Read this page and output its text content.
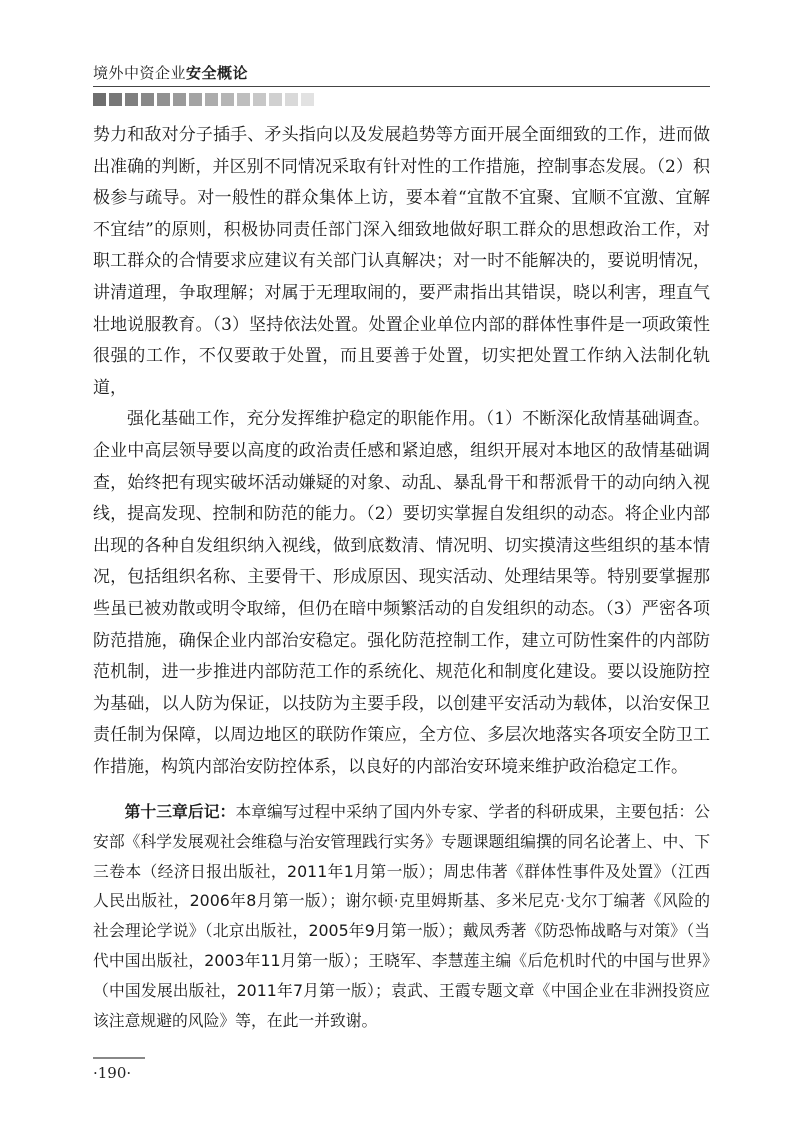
境外中资企业安全概论

势力和敌对分子插手、矛头指向以及发展趋势等方面开展全面细致的工作，进而做出准确的判断，并区别不同情况采取有针对性的工作措施，控制事态发展。（2）积极参与疏导。对一般性的群众集体上访，要本着“宜散不宜聚、宜顺不宜激、宜解不宜结”的原则，积极协同责任部门深入细致地做好职工群众的思想政治工作，对职工群众的合情要求应建议有关部门认真解决；对一时不能解决的，要说明情况，讲清道理，争取理解；对属于无理取闹的，要严肃指出其错误，晓以利害，理直气壮地说服教育。（3）坚持依法处置。处置企业单位内部的群体性事件是一项政策性很强的工作，不仅要敢于处置，而且要善于处置，切实把处置工作纳入法制化轨道，

强化基础工作，充分发挥维护稳定的职能作用。（1）不断深化敌情基础调查。企业中高层领导要以高度的政治责任感和紧迫感，组织开展对本地区的敌情基础调查，始终把有现实破坏活动嫌疑的对象、动乱、暴乱骨干和帮派骨干的动向纳入视线，提高发现、控制和防范的能力。（2）要切实掌握自发组织的动态。将企业内部出现的各种自发组织纳入视线，做到底数清、情况明、切实摸清这些组织的基本情况，包括组织名称、主要骨干、形成原因、现实活动、处理结果等。特别要掌握那些虽已被劝散或明令取缔，但仍在暗中频繁活动的自发组织的动态。（3）严密各项防范措施，确保企业内部治安稳定。强化防范控制工作，建立可防性案件的内部防范机制，进一步推进内部防范工作的系统化、规范化和制度化建设。要以设施防控为基础，以人防为保证，以技防为主要手段，以创建平安活动为载体，以治安保卫责任制为保障，以周边地区的联防作策应，全方位、多层次地落实各项安全防卫工作措施，构筑内部治安防控体系，以良好的内部治安环境来维护政治稳定工作。

第十三章后记：本章编写过程中采纳了国内外专家、学者的科研成果，主要包括：公安部《科学发展观社会维稳与治安管理践行实务》专题课题组编撰的同名论著上、中、下三卷本（经济日报出版社，2011年1月第一版）；周忠伟著《群体性事件及处置》（江西人民出版社，2006年8月第一版）；谢尔顿·克里姆斯基、多米尼克·戈尔丁编著《风险的社会理论学说》（北京出版社，2005年9月第一版）；戴凤秀著《防恐怖战略与对策》（当代中国出版社，2003年11月第一版）；王晓军、李慧莲主编《后危机时代的中国与世界》（中国发展出版社，2011年7月第一版）；袁武、王霞专题文章《中国企业在非洲投资应该注意规避的风险》等，在此一并致谢。
·190·
